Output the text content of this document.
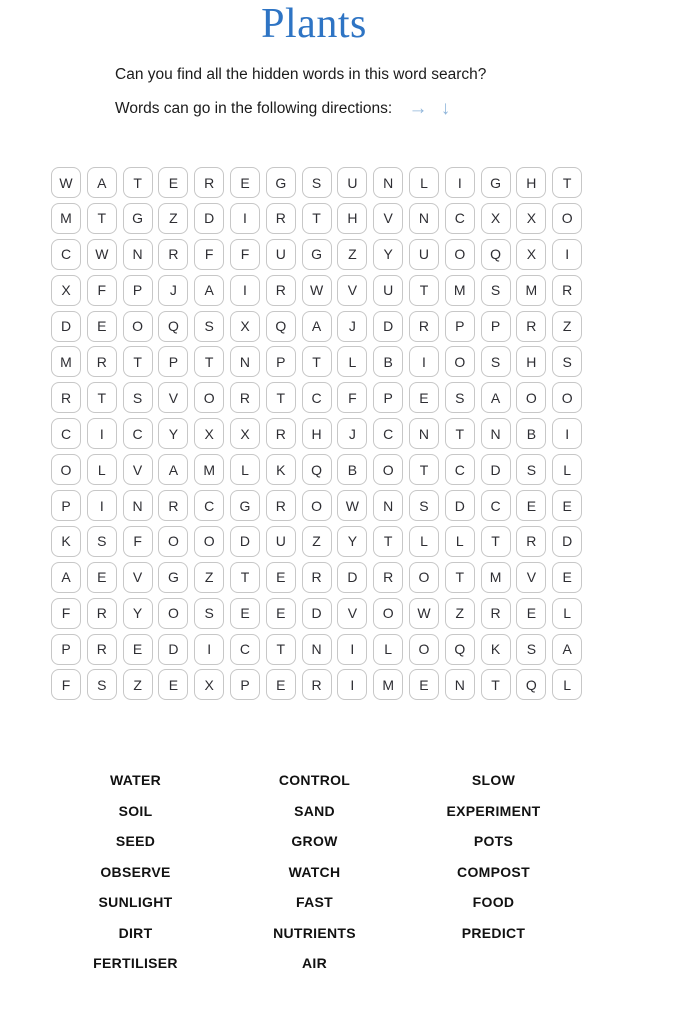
Plants
Can you find all the hidden words in this word search?
Words can go in the following directions: → ↓
W	A	T	E	R	E	G	S	U	N	L	I	G	H	T
M	T	G	Z	D	I	R	T	H	V	N	C	X	X	O
C	W	N	R	F	F	U	G	Z	Y	U	O	Q	X	I
X	F	P	J	A	I	R	W	V	U	T	M	S	M	R
D	E	O	Q	S	X	Q	A	J	D	R	P	P	R	Z
M	R	T	P	T	N	P	T	L	B	I	O	S	H	S
R	T	S	V	O	R	T	C	F	P	E	S	A	O	O
C	I	C	Y	X	X	R	H	J	C	N	T	N	B	I
O	L	V	A	M	L	K	Q	B	O	T	C	D	S	L
P	I	N	R	C	G	R	O	W	N	S	D	C	E	E
K	S	F	O	O	D	U	Z	Y	T	L	L	T	R	D
A	E	V	G	Z	T	E	R	D	R	O	T	M	V	E
F	R	Y	O	S	E	E	D	V	O	W	Z	R	E	L
P	R	E	D	I	C	T	N	I	L	O	Q	K	S	A
F	S	Z	E	X	P	E	R	I	M	E	N	T	Q	L
WATER
SOIL
SEED
OBSERVE
SUNLIGHT
DIRT
FERTILISER
CONTROL
SAND
GROW
WATCH
FAST
NUTRIENTS
AIR
SLOW
EXPERIMENT
POTS
COMPOST
FOOD
PREDICT
